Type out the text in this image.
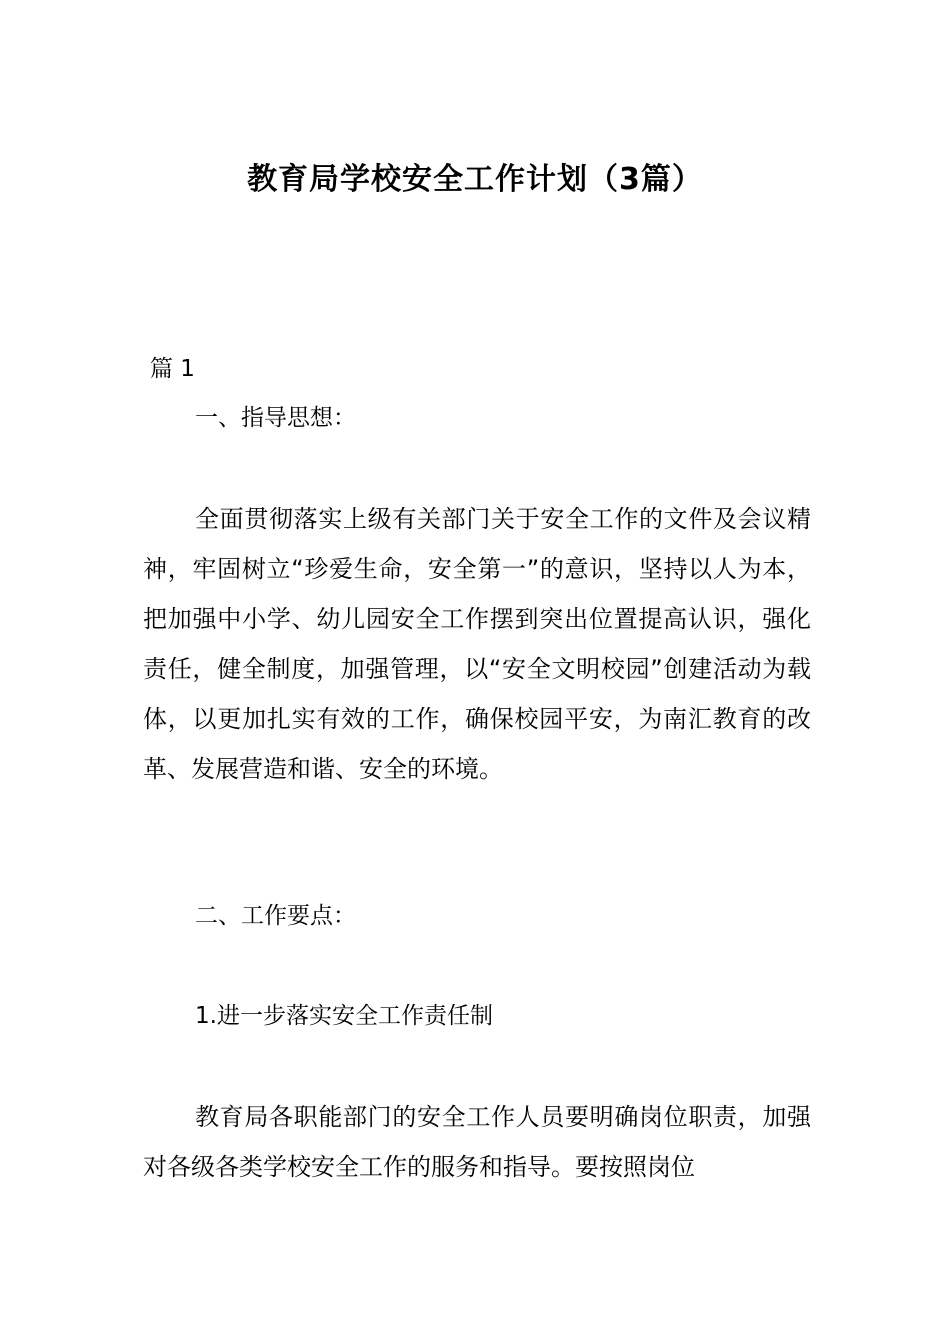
教育局学校安全工作计划（3篇）
篇 1
一、指导思想：
全面贯彻落实上级有关部门关于安全工作的文件及会议精神，牢固树立“珍爱生命，安全第一”的意识，坚持以人为本，把加强中小学、幼儿园安全工作摆到突出位置提高认识，强化责任，健全制度，加强管理，以“安全文明校园”创建活动为载体，以更加扎实有效的工作，确保校园平安，为南汇教育的改革、发展营造和谐、安全的环境。
二、工作要点：
1.进一步落实安全工作责任制
教育局各职能部门的安全工作人员要明确岗位职责，加强对各级各类学校安全工作的服务和指导。要按照岗位
